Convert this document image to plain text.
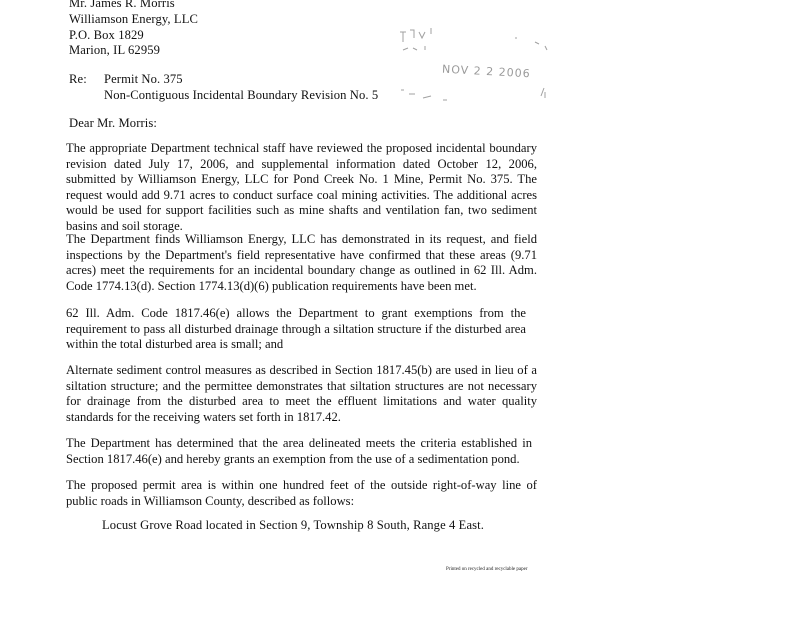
Mr. James R. Morris
Williamson Energy, LLC
P.O. Box 1829
Marion, IL 62959
NOV 2 2 2006
Re: Permit No. 375
Non-Contiguous Incidental Boundary Revision No. 5
Dear Mr. Morris:
The appropriate Department technical staff have reviewed the proposed incidental boundary revision dated July 17, 2006, and supplemental information dated October 12, 2006, submitted by Williamson Energy, LLC for Pond Creek No. 1 Mine, Permit No. 375. The request would add 9.71 acres to conduct surface coal mining activities. The additional acres would be used for support facilities such as mine shafts and ventilation fan, two sediment basins and soil storage.
The Department finds Williamson Energy, LLC has demonstrated in its request, and field inspections by the Department's field representative have confirmed that these areas (9.71 acres) meet the requirements for an incidental boundary change as outlined in 62 Ill. Adm. Code 1774.13(d). Section 1774.13(d)(6) publication requirements have been met.
62 Ill. Adm. Code 1817.46(e) allows the Department to grant exemptions from the requirement to pass all disturbed drainage through a siltation structure if the disturbed area within the total disturbed area is small; and
Alternate sediment control measures as described in Section 1817.45(b) are used in lieu of a siltation structure; and the permittee demonstrates that siltation structures are not necessary for drainage from the disturbed area to meet the effluent limitations and water quality standards for the receiving waters set forth in 1817.42.
The Department has determined that the area delineated meets the criteria established in Section 1817.46(e) and hereby grants an exemption from the use of a sedimentation pond.
The proposed permit area is within one hundred feet of the outside right-of-way line of public roads in Williamson County, described as follows:
Locust Grove Road located in Section 9, Township 8 South, Range 4 East.
Printed on recycled and recyclable paper
